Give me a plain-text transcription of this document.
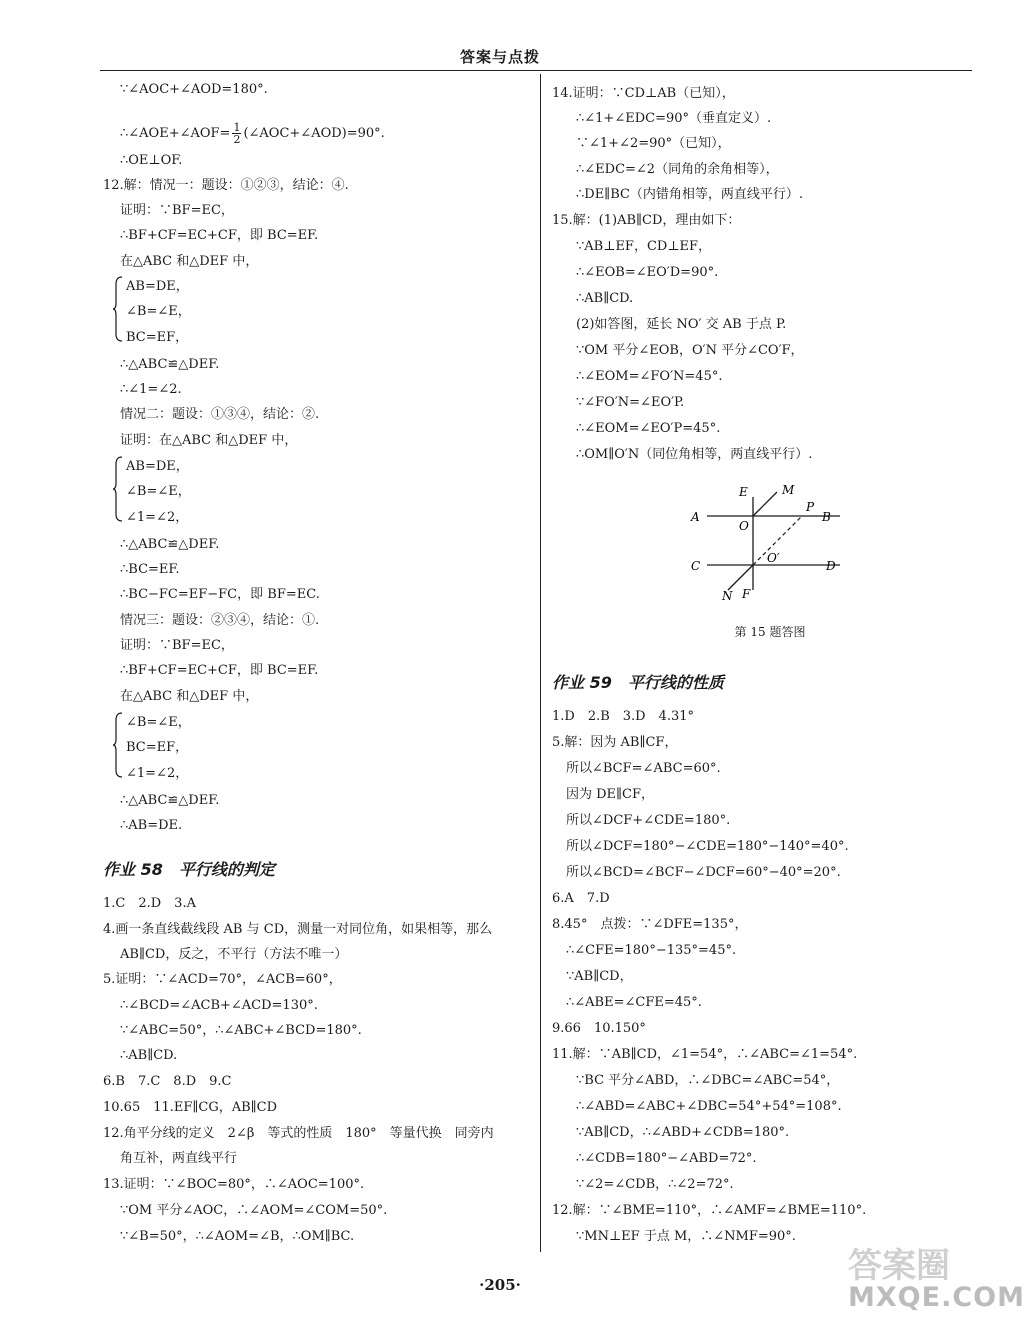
答案与点拨
∵∠AOC+∠AOD=180°.
∴∠AOE+∠AOF= $\frac{1}{2}$ (∠AOC+∠AOD)=90°.
∴OE⊥OF.
12.解：情况一：题设：①②③，结论：④.
证明：∵BF=EC，
∴BF+CF=EC+CF，即 BC=EF.
在△ABC 和△DEF 中，
AB=DE，
∠B=∠E，
BC=EF，
∴△ABC≌△DEF.
∴∠1=∠2.
情况二：题设：①③④，结论：②.
证明：在△ABC 和△DEF 中，
AB=DE，
∠B=∠E，
∠1=∠2，
∴△ABC≌△DEF.
∴BC=EF.
∴BC−FC=EF−FC，即 BF=EC.
情况三：题设：②③④，结论：①.
证明：∵BF=EC，
∴BF+CF=EC+CF，即 BC=EF.
在△ABC 和△DEF 中，
∠B=∠E，
BC=EF，
∠1=∠2，
∴△ABC≌△DEF.
∴AB=DE.
作业 58　平行线的判定
1.C　2.D　3.A
4.画一条直线截线段 AB 与 CD，测量一对同位角，如果相等，那么
AB∥CD，反之，不平行（方法不唯一）
5.证明：∵∠ACD=70°，∠ACB=60°，
∴∠BCD=∠ACB+∠ACD=130°.
∵∠ABC=50°，∴∠ABC+∠BCD=180°.
∴AB∥CD.
6.B　7.C　8.D　9.C
10.65　11.EF∥CG，AB∥CD
12.角平分线的定义　2∠β　等式的性质　180°　等量代换　同旁内
角互补，两直线平行
13.证明：∵∠BOC=80°，∴∠AOC=100°.
∵OM 平分∠AOC，∴∠AOM=∠COM=50°.
∵∠B=50°，∴∠AOM=∠B，∴OM∥BC.
14.证明：∵CD⊥AB（已知），
∴∠1+∠EDC=90°（垂直定义）.
∵∠1+∠2=90°（已知），
∴∠EDC=∠2（同角的余角相等），
∴DE∥BC（内错角相等，两直线平行）.
15.解：(1)AB∥CD，理由如下：
∵AB⊥EF，CD⊥EF，
∴∠EOB=∠EO′D=90°.
∴AB∥CD.
(2)如答图，延长 NO′ 交 AB 于点 P.
∵OM 平分∠EOB，O′N 平分∠CO′F，
∴∠EOM=∠FO′N=45°.
∵∠FO′N=∠EO′P.
∴∠EOM=∠EO′P=45°.
∴OM∥O′N（同位角相等，两直线平行）.
E	M
P
A
O
B
O′
C	D
N F
第 15 题答图
作业 59　平行线的性质
1.D　2.B　3.D　4.31°
5.解：因为 AB∥CF，
所以∠BCF=∠ABC=60°.
因为 DE∥CF，
所以∠DCF+∠CDE=180°.
所以∠DCF=180°−∠CDE=180°−140°=40°.
所以∠BCD=∠BCF−∠DCF=60°−40°=20°.
6.A　7.D
8.45°　点拨：∵∠DFE=135°，
∴∠CFE=180°−135°=45°.
∵AB∥CD，
∴∠ABE=∠CFE=45°.
9.66　10.150°
11.解：∵AB∥CD，∠1=54°，∴∠ABC=∠1=54°.
∵BC 平分∠ABD，∴∠DBC=∠ABC=54°，
∴∠ABD=∠ABC+∠DBC=54°+54°=108°.
∵AB∥CD，∴∠ABD+∠CDB=180°.
∴∠CDB=180°−∠ABD=72°.
∵∠2=∠CDB，∴∠2=72°.
12.解：∵∠BME=110°，∴∠AMF=∠BME=110°.
∵MN⊥EF 于点 M，∴∠NMF=90°.
·205·	答案圈
MXQE.COM
